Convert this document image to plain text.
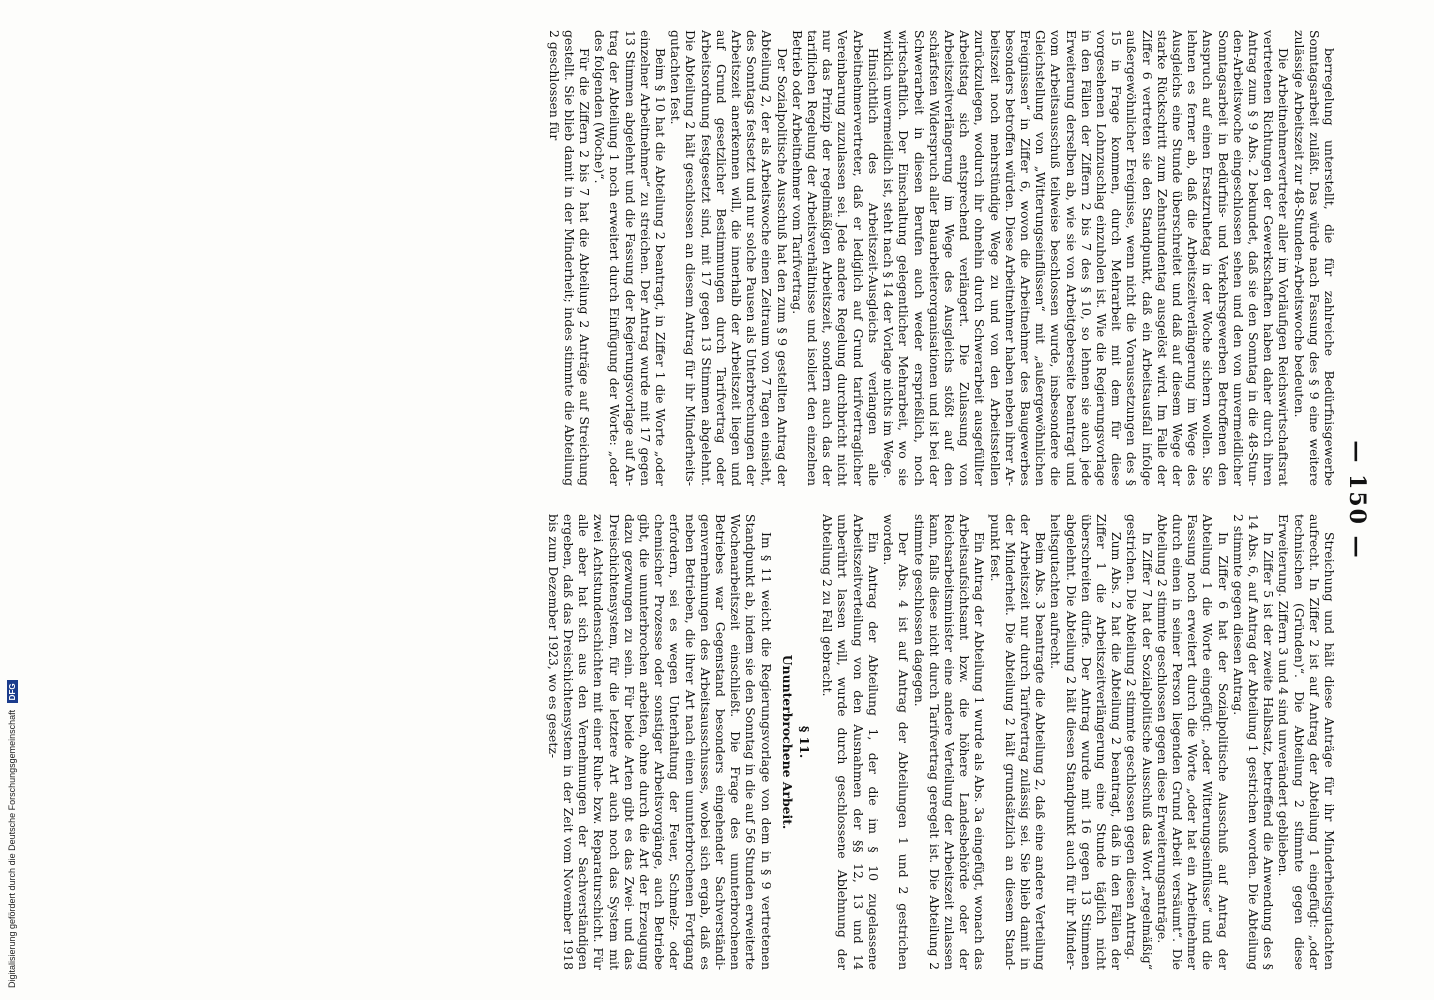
Digitalisierung gefördert durch die Deutsche Forschungsgemeinschaft DFG
— 150 —

berregelung unterstellt, die für zahlreiche Bedürfnisgewerbe Sonntagsarbeit zuläßt. Das würde nach Fassung des § 9 eine weitere zulässige Arbeitszeit zur 48-Stunden-Arbeitswoche bedeuten.

Die Arbeitnehmervertreter aller im Vorläufigen Reichswirtschaftsrat vertretenen Richtungen der Gewerkschaften haben daher durch ihren Antrag zum § 9 Abs. 2 bekundet, daß sie den Sonntag in die 48-Stunden-Arbeitswoche eingeschlossen sehen und den von unvermeidlicher Sonntagsarbeit in Bedürfnis- und Verkehrsgewerben Betroffenen den Anspruch auf einen Ersatzruhetag in der Woche sichern wollen. Sie lehnen es ferner ab, daß die Arbeitszeitverlängerung im Wege des Ausgleichs eine Stunde überschreitet und daß auf diesem Wege der starke Rückschritt zum Zehnstundentag ausgelöst wird. Im Falle der Ziffer 6 vertreten sie den Standpunkt, daß ein Arbeitsausfall infolge außergewöhnlicher Ereignisse, wenn nicht die Voraussetzungen des § 15 in Frage kommen, durch Mehrarbeit mit dem für diese vorgesehenen Lohnzuschlag einzuholen ist. Wie die Regierungsvorlage in den Fällen der Ziffern 2 bis 7 des § 10, so lehnen sie auch jede Erweiterung derselben ab, wie sie von Arbeitgeberseite beantragt und vom Arbeitsausschuß teilweise beschlossen wurde, insbesondere die Gleichstellung von „Witterungseinflüssen“ mit „außergewöhnlichen Ereignissen“ in Ziffer 6, wovon die Arbeitnehmer des Baugewerbes besonders betroffen würden. Diese Arbeitnehmer haben neben ihrer Arbeitszeit noch mehrstündige Wege zu und von den Arbeitsstellen zurückzulegen, wodurch ihr ohnehin durch Schwerarbeit ausgefüllter Arbeitstag sich entsprechend verlängert. Die Zulassung von Arbeitszeitverlängerung im Wege des Ausgleichs stößt auf den schärfsten Widerspruch aller Bauarbeiterorganisationen und ist bei der Schwerarbeit in diesen Berufen auch weder ersprießlich, noch wirtschaftlich. Der Einschaltung gelegentlicher Mehrarbeit, wo sie wirklich unvermeidlich ist, steht nach § 14 der Vorlage nichts im Wege.

Hinsichtlich des Arbeitszeit-Ausgleichs verlangen alle Arbeitnehmervertreter, daß er lediglich auf Grund tarifvertraglicher Vereinbarung zuzulassen sei. Jede andere Regelung durchbricht nicht nur das Prinzip der regelmäßigen Arbeitszeit, sondern auch das der tariflichen Regelung der Arbeitsverhältnisse und isoliert den einzelnen Betrieb oder Arbeitnehmer vom Tarifvertrag.

Der Sozialpolitische Ausschuß hat den zum § 9 gestellten Antrag der Abteilung 2, der als Arbeitswoche einen Zeitraum von 7 Tagen einsieht, des Sonntags festsetzt und nur solche Pausen als Unterbrechungen der Arbeitszeit anerkennen will, die innerhalb der Arbeitszeit liegen und auf Grund gesetzlicher Bestimmungen durch Tarifvertrag oder Arbeitsordnung festgesetzt sind, mit 17 gegen 13 Stimmen abgelehnt. Die Abteilung 2 hält geschlossen an diesem Antrag für ihr Minderheitsgutachten fest.

Beim § 10 hat die Abteilung 2 beantragt, in Ziffer 1 die Worte „oder einzelner Arbeitnehmer“ zu streichen. Der Antrag wurde mit 17 gegen 13 Stimmen abgelehnt und die Fassung der Regierungsvorlage auf Antrag der Abteilung 1 noch erweitert durch Einfügung der Worte: „oder des folgenden (Woche)“.

Für die Ziffern 2 bis 7 hat die Abteilung 2 Anträge auf Streichung gestellt. Sie blieb damit in der Minderheit; indes stimmte die Abteilung 2 geschlossen für

Streichung und hält diese Anträge für ihr Minderheitsgutachten aufrecht. In Ziffer 2 ist auf Antrag der Abteilung 1 eingefügt: „oder technischen (Gründen)“. Die Abteilung 2 stimmte gegen diese Erweiterung. Ziffern 3 und 4 sind unverändert geblieben.

In Ziffer 5 ist der zweite Halbsatz, betreffend die Anwendung des § 14 Abs. 6, auf Antrag der Abteilung 1 gestrichen worden. Die Abteilung 2 stimmte gegen diesen Antrag.

In Ziffer 6 hat der Sozialpolitische Ausschuß auf Antrag der Abteilung 1 die Worte eingefügt: „oder Witterungseinflüsse“ und die Fassung noch erweitert durch die Worte „oder hat ein Arbeitnehmer durch einen in seiner Person liegenden Grund Arbeit versäumt“. Die Abteilung 2 stimmte geschlossen gegen diese Erweiterungsanträge.

In Ziffer 7 hat der Sozialpolitische Ausschuß das Wort „regelmäßig“ gestrichen. Die Abteilung 2 stimmte geschlossen gegen diesen Antrag.

Zum Abs. 2 hat die Abteilung 2 beantragt, daß in den Fällen der Ziffer 1 die Arbeitszeitverlängerung eine Stunde täglich nicht überschreiten dürfe. Der Antrag wurde mit 16 gegen 13 Stimmen abgelehnt. Die Abteilung 2 hält diesen Standpunkt auch für ihr Minderheitsgutachten aufrecht.

Beim Abs. 3 beantragte die Abteilung 2, daß eine andere Verteilung der Arbeitszeit nur durch Tarifvertrag zulässig sei. Sie blieb damit in der Minderheit. Die Abteilung 2 hält grundsätzlich an diesem Standpunkt fest.

Ein Antrag der Abteilung 1 wurde als Abs. 3a eingefügt, wonach das Arbeitsaufsichtsamt bzw. die höhere Landesbehörde oder der Reichsarbeitsminister eine andere Verteilung der Arbeitszeit zulassen kann, falls diese nicht durch Tarifvertrag geregelt ist. Die Abteilung 2 stimmte geschlossen dagegen.

Der Abs. 4 ist auf Antrag der Abteilungen 1 und 2 gestrichen worden.

Ein Antrag der Abteilung 1, der die im § 10 zugelassene Arbeitszeitverteilung von den Ausnahmen der §§ 12, 13 und 14 unberührt lassen will, wurde durch geschlossene Ablehnung der Abteilung 2 zu Fall gebracht.

§ 11.

Ununterbrochene Arbeit.

Im § 11 weicht die Regierungsvorlage von dem in § 9 vertretenen Standpunkt ab, indem sie den Sonntag in die auf 56 Stunden erweiterte Wochenarbeitszeit einschließt. Die Frage des ununterbrochenen Betriebes war Gegenstand besonders eingehender Sachverständigenvernehmungen des Arbeitsausschusses, wobei sich ergab, daß es neben Betrieben, die ihrer Art nach einen ununterbrochenen Fortgang erfordern, sei es wegen Unterhaltung der Feuer, Schmelz- oder chemischer Prozesse oder sonstiger Arbeitsvorgänge, auch Betriebe gibt, die ununterbrochen arbeiten, ohne durch die Art der Erzeugung dazu gezwungen zu sein. Für beide Arten gibt es das Zwei- und das Dreischichtensystem, für die letztere Art auch noch das System mit zwei Achtstundenschichten mit einer Ruhe- bzw. Reparaturschicht. Für alle aber hat sich aus den Vernehmungen der Sachverständigen ergeben, daß das Dreischichtensystem in der Zeit vom November 1918 bis zum Dezember 1923, wo es gesetz-
